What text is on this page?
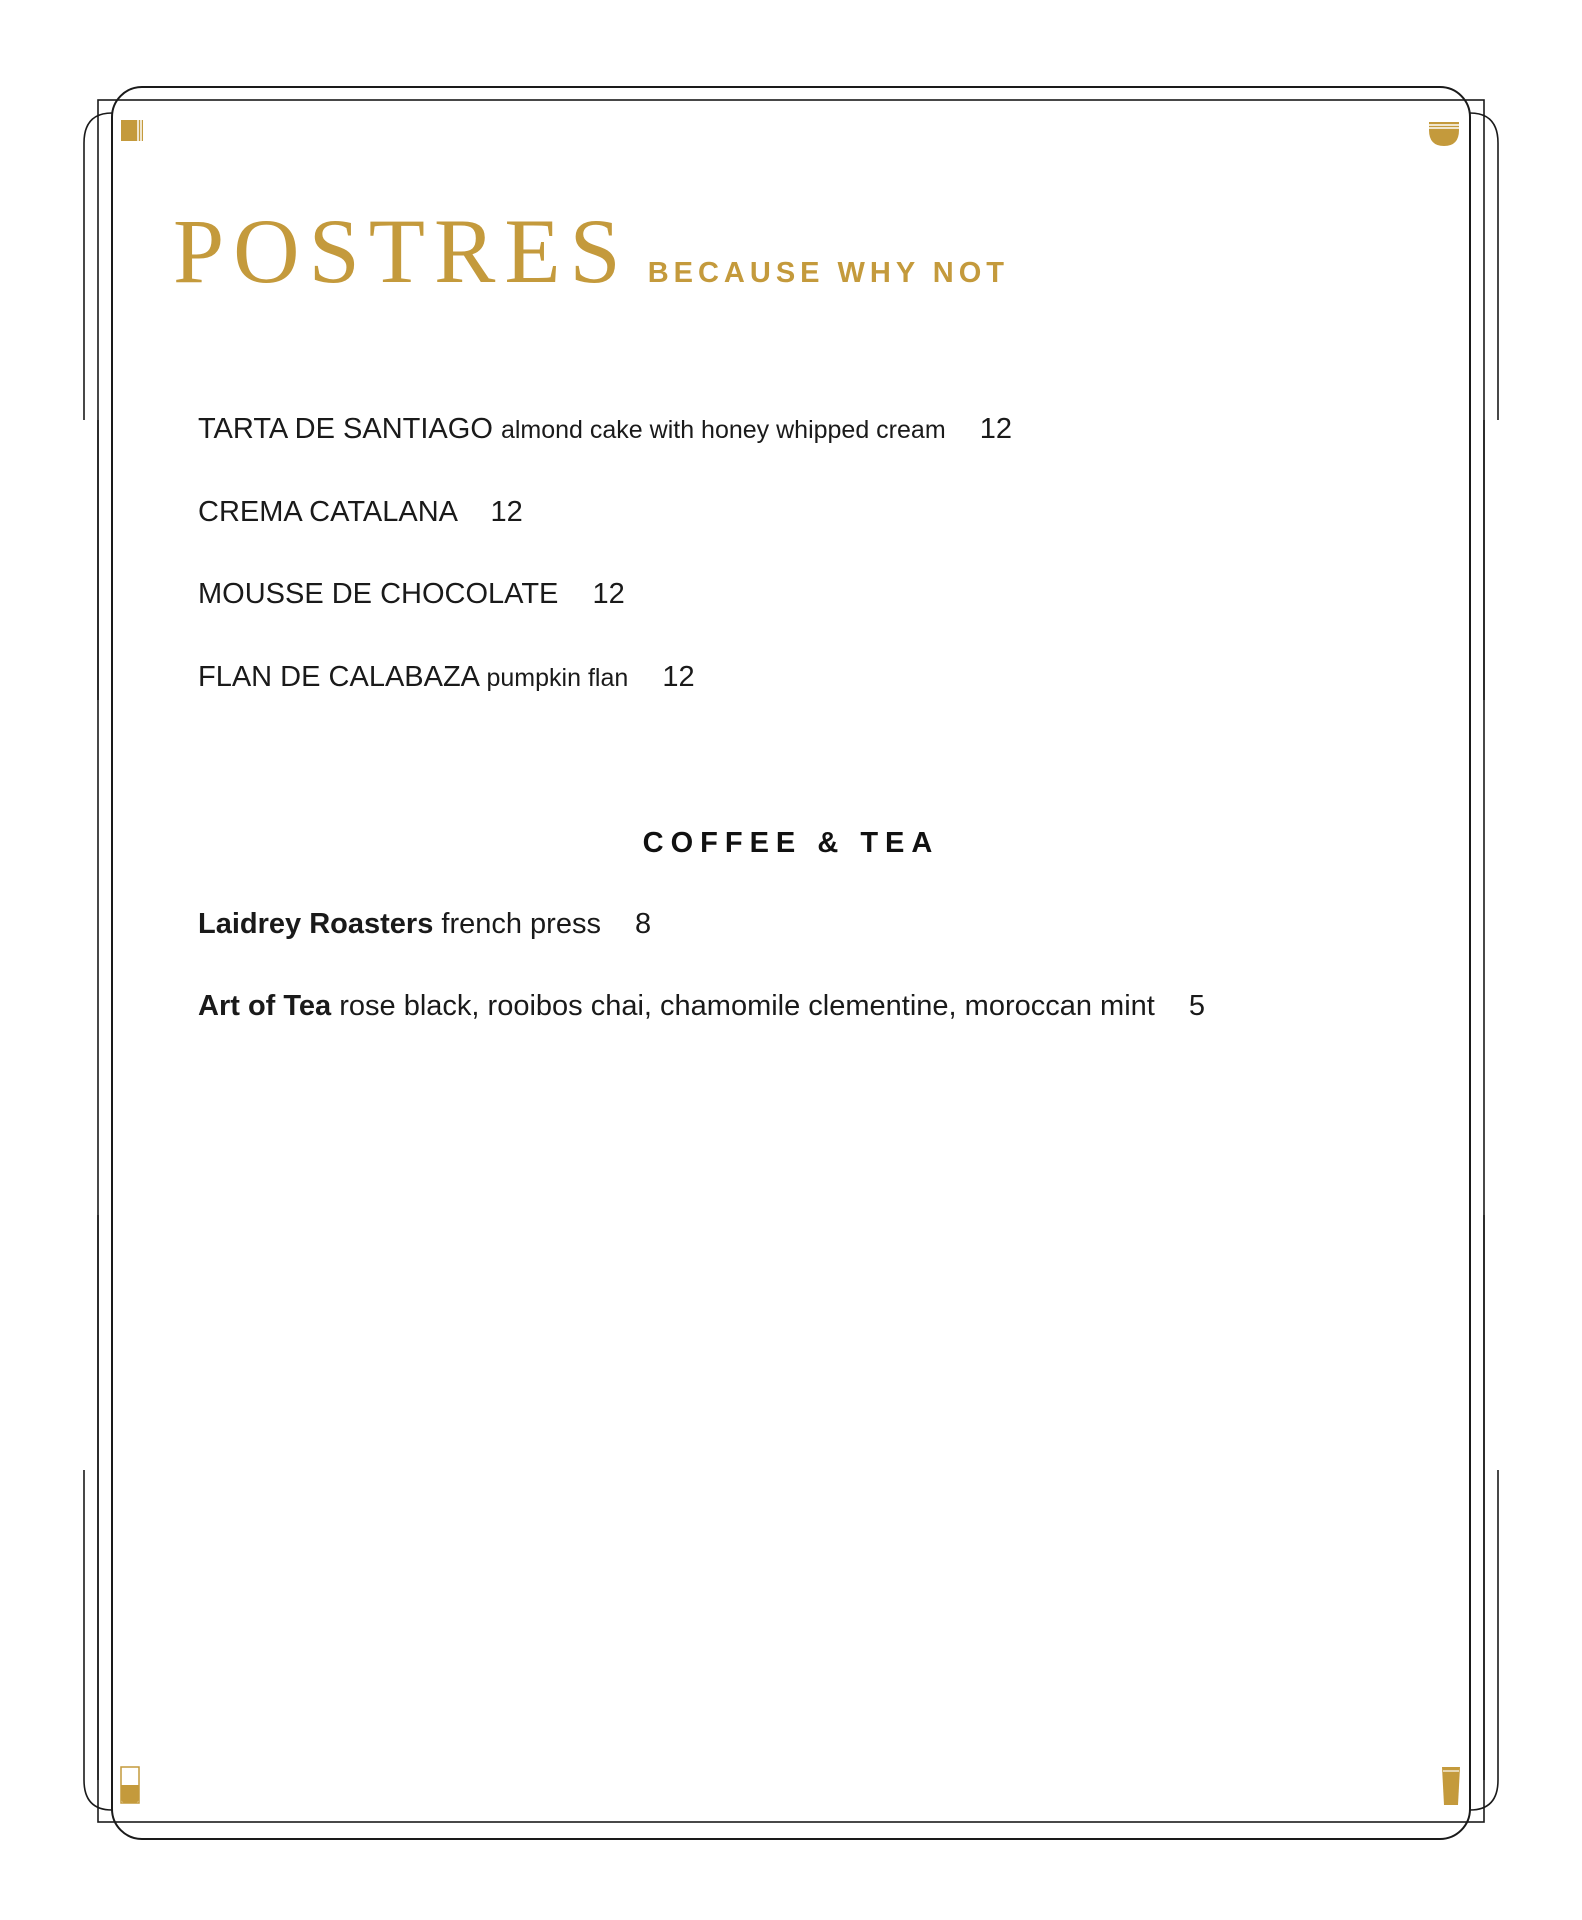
POSTRES BECAUSE WHY NOT
TARTA DE SANTIAGO almond cake with honey whipped cream 12
CREMA CATALANA 12
MOUSSE DE CHOCOLATE 12
FLAN DE CALABAZA pumpkin flan 12
COFFEE & TEA
Laidrey Roasters french press 8
Art of Tea rose black, rooibos chai, chamomile clementine, moroccan mint 5
